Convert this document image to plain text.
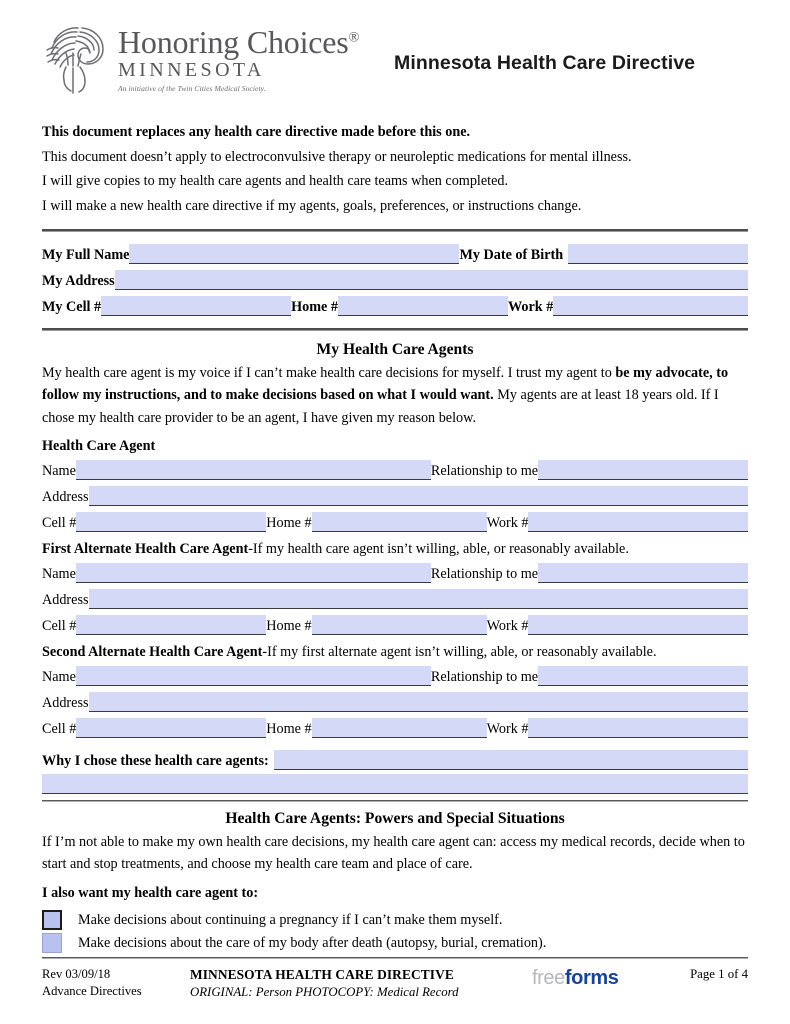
Honoring Choices®
MINNESOTA
An initiative of the Twin Cities Medical Society.
Minnesota Health Care Directive

This document replaces any health care directive made before this one.

This document doesn’t apply to electroconvulsive therapy or neuroleptic medications for mental illness.

I will give copies to my health care agents and health care teams when completed.

I will make a new health care directive if my agents, goals, preferences, or instructions change.

My Full Name	My Date of Birth
My Address
My Cell #	Home #	Work #
My Health Care Agents

My health care agent is my voice if I can’t make health care decisions for myself. I trust my agent to be my advocate, to follow my instructions, and to make decisions based on what I would want. My agents are at least 18 years old. If I chose my health care provider to be an agent, I have given my reason below.

Health Care Agent
Name	Relationship to me
Address
Cell #	Home #	Work #
First Alternate Health Care Agent-If my health care agent isn’t willing, able, or reasonably available.
Name	Relationship to me
Address
Cell #	Home #	Work #
Second Alternate Health Care Agent-If my first alternate agent isn’t willing, able, or reasonably available.
Name	Relationship to me
Address
Cell #	Home #	Work #
Why I chose these health care agents:
Health Care Agents: Powers and Special Situations

If I’m not able to make my own health care decisions, my health care agent can: access my medical records, decide when to start and stop treatments, and choose my health care team and place of care.

I also want my health care agent to:
Make decisions about continuing a pregnancy if I can’t make them myself.
Make decisions about the care of my body after death (autopsy, burial, cremation).
Rev 03/09/18
Advance Directives
MINNESOTA HEALTH CARE DIRECTIVE
ORIGINAL: Person PHOTOCOPY: Medical Record
freeforms	Page 1 of 4
